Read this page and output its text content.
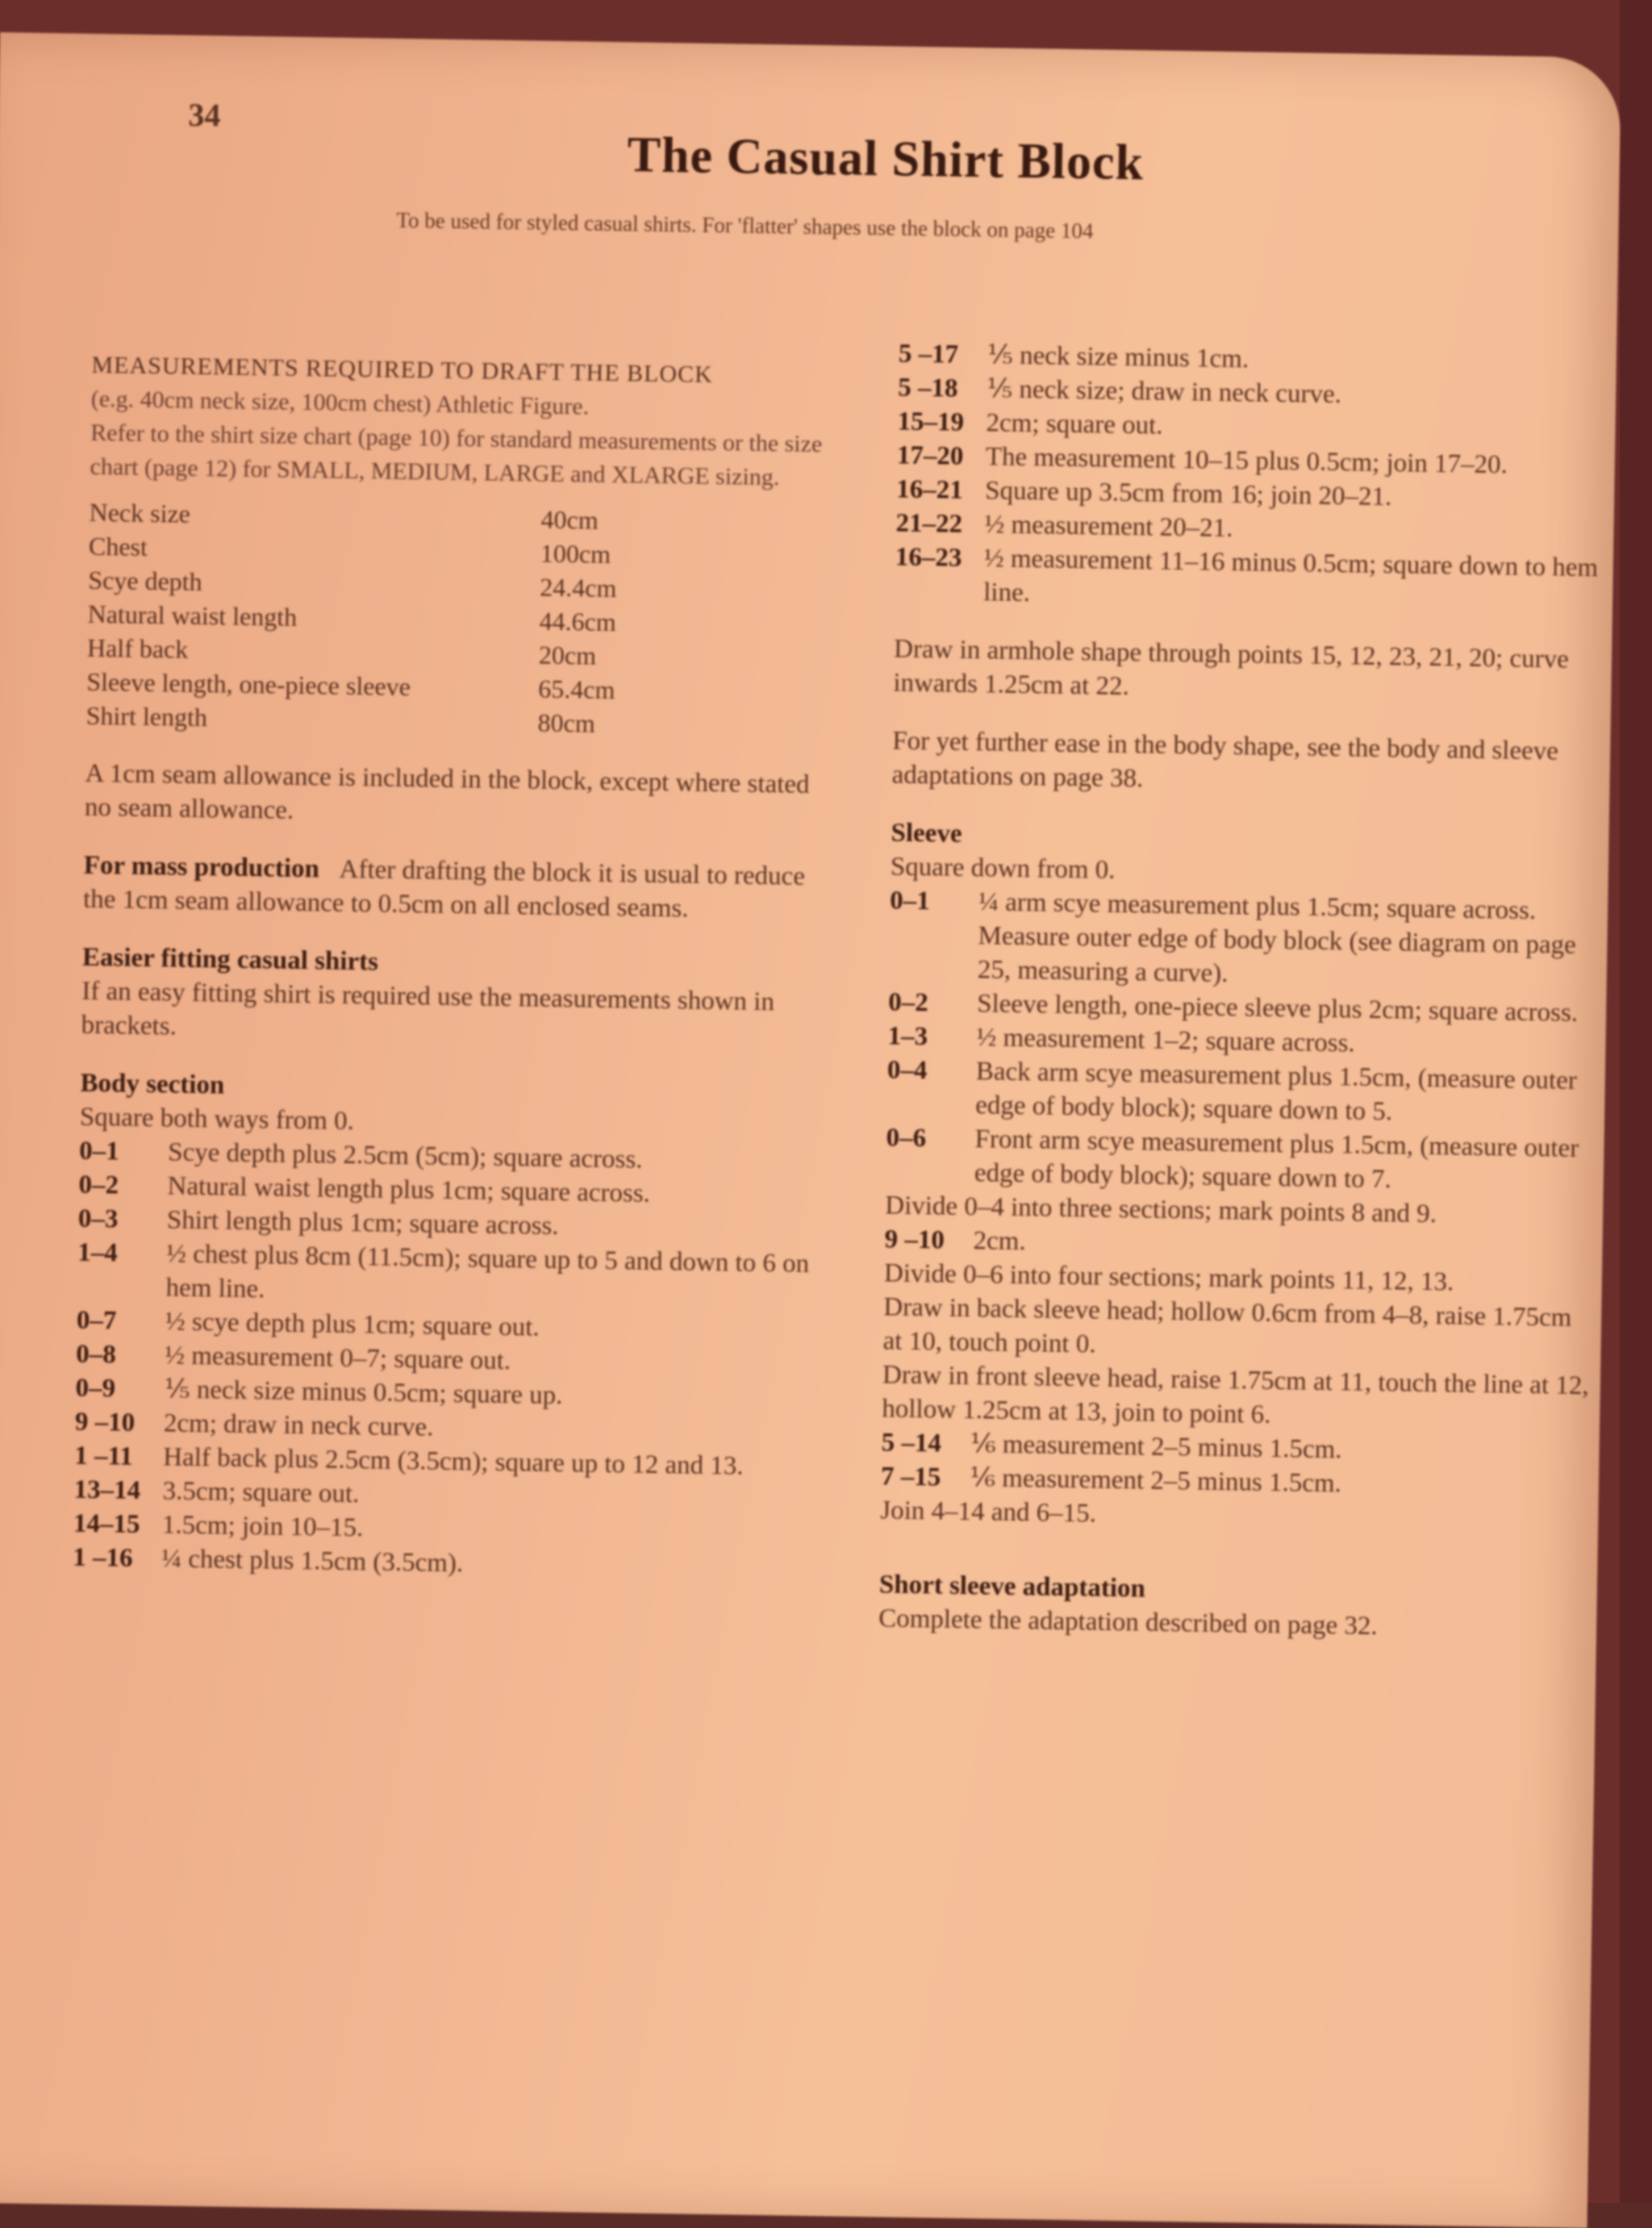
34
The Casual Shirt Block
To be used for styled casual shirts. For 'flatter' shapes use the block on page 104
MEASUREMENTS REQUIRED TO DRAFT THE BLOCK
(e.g. 40cm neck size, 100cm chest) Athletic Figure.
Refer to the shirt size chart (page 10) for standard measurements or the size chart (page 12) for SMALL, MEDIUM, LARGE and XLARGE sizing.
Neck size	40cm
Chest	100cm
Scye depth	24.4cm
Natural waist length	44.6cm
Half back	20cm
Sleeve length, one-piece sleeve	65.4cm
Shirt length	80cm
A 1cm seam allowance is included in the block, except where stated no seam allowance.
For mass production After drafting the block it is usual to reduce the 1cm seam allowance to 0.5cm on all enclosed seams.
Easier fitting casual shirts
If an easy fitting shirt is required use the measurements shown in brackets.
Body section
Square both ways from 0.
0–1	Scye depth plus 2.5cm (5cm); square across.
0–2	Natural waist length plus 1cm; square across.
0–3	Shirt length plus 1cm; square across.
1–4	½ chest plus 8cm (11.5cm); square up to 5 and down to 6 on hem line.
0–7	½ scye depth plus 1cm; square out.
0–8	½ measurement 0–7; square out.
0–9	⅕ neck size minus 0.5cm; square up.
9 –10	2cm; draw in neck curve.
1 –11	Half back plus 2.5cm (3.5cm); square up to 12 and 13.
13–14 3.5cm; square out.
14–15 1.5cm; join 10–15.
1 –16	¼ chest plus 1.5cm (3.5cm).
5 –17	⅕ neck size minus 1cm.
5 –18	⅕ neck size; draw in neck curve.
15–19 2cm; square out.
17–20 The measurement 10–15 plus 0.5cm; join 17–20.
16–21 Square up 3.5cm from 16; join 20–21.
21–22 ½ measurement 20–21.
16–23 ½ measurement 11–16 minus 0.5cm; square down to hem line.
Draw in armhole shape through points 15, 12, 23, 21, 20; curve inwards 1.25cm at 22.
For yet further ease in the body shape, see the body and sleeve adaptations on page 38.
Sleeve
Square down from 0.
0–1	¼ arm scye measurement plus 1.5cm; square across. Measure outer edge of body block (see diagram on page 25, measuring a curve).
0–2	Sleeve length, one-piece sleeve plus 2cm; square across.
1–3	½ measurement 1–2; square across.
0–4	Back arm scye measurement plus 1.5cm, (measure outer edge of body block); square down to 5.
0–6	Front arm scye measurement plus 1.5cm, (measure outer edge of body block); square down to 7.
Divide 0–4 into three sections; mark points 8 and 9.
9 –10	2cm.
Divide 0–6 into four sections; mark points 11, 12, 13.
Draw in back sleeve head; hollow 0.6cm from 4–8, raise 1.75cm at 10, touch point 0.
Draw in front sleeve head, raise 1.75cm at 11, touch the line at 12, hollow 1.25cm at 13, join to point 6.
5 –14	⅙ measurement 2–5 minus 1.5cm.
7 –15	⅙ measurement 2–5 minus 1.5cm.
Join 4–14 and 6–15.
Short sleeve adaptation
Complete the adaptation described on page 32.
